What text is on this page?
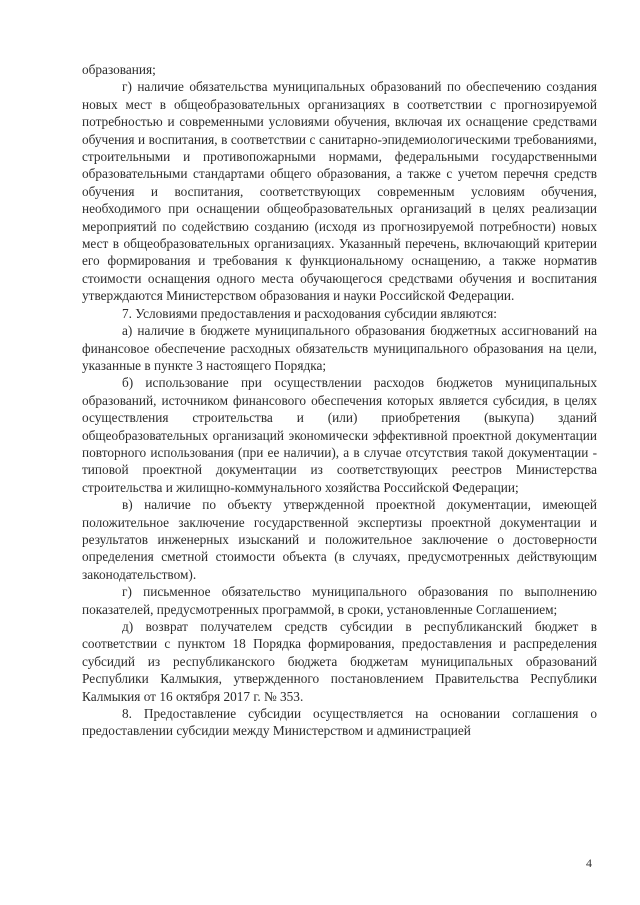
образования;

г) наличие обязательства муниципальных образований по обеспечению создания новых мест в общеобразовательных организациях в соответствии с прогнозируемой потребностью и современными условиями обучения, включая их оснащение средствами обучения и воспитания, в соответствии с санитарно-эпидемиологическими требованиями, строительными и противопожарными нормами, федеральными государственными образовательными стандартами общего образования, а также с учетом перечня средств обучения и воспитания, соответствующих современным условиям обучения, необходимого при оснащении общеобразовательных организаций в целях реализации мероприятий по содействию созданию (исходя из прогнозируемой потребности) новых мест в общеобразовательных организациях. Указанный перечень, включающий критерии его формирования и требования к функциональному оснащению, а также норматив стоимости оснащения одного места обучающегося средствами обучения и воспитания утверждаются Министерством образования и науки Российской Федерации.

7. Условиями предоставления и расходования субсидии являются:

а) наличие в бюджете муниципального образования бюджетных ассигнований на финансовое обеспечение расходных обязательств муниципального образования на цели, указанные в пункте 3 настоящего Порядка;

б) использование при осуществлении расходов бюджетов муниципальных образований, источником финансового обеспечения которых является субсидия, в целях осуществления строительства и (или) приобретения (выкупа) зданий общеобразовательных организаций экономически эффективной проектной документации повторного использования (при ее наличии), а в случае отсутствия такой документации - типовой проектной документации из соответствующих реестров Министерства строительства и жилищно-коммунального хозяйства Российской Федерации;

в) наличие по объекту утвержденной проектной документации, имеющей положительное заключение государственной экспертизы проектной документации и результатов инженерных изысканий и положительное заключение о достоверности определения сметной стоимости объекта (в случаях, предусмотренных действующим законодательством).

г) письменное обязательство муниципального образования по выполнению показателей, предусмотренных программой, в сроки, установленные Соглашением;

д) возврат получателем средств субсидии в республиканский бюджет в соответствии с пунктом 18 Порядка формирования, предоставления и распределения субсидий из республиканского бюджета бюджетам муниципальных образований Республики Калмыкия, утвержденного постановлением Правительства Республики Калмыкия от 16 октября 2017 г. № 353.

8. Предоставление субсидии осуществляется на основании соглашения о предоставлении субсидии между Министерством и администрацией

4
